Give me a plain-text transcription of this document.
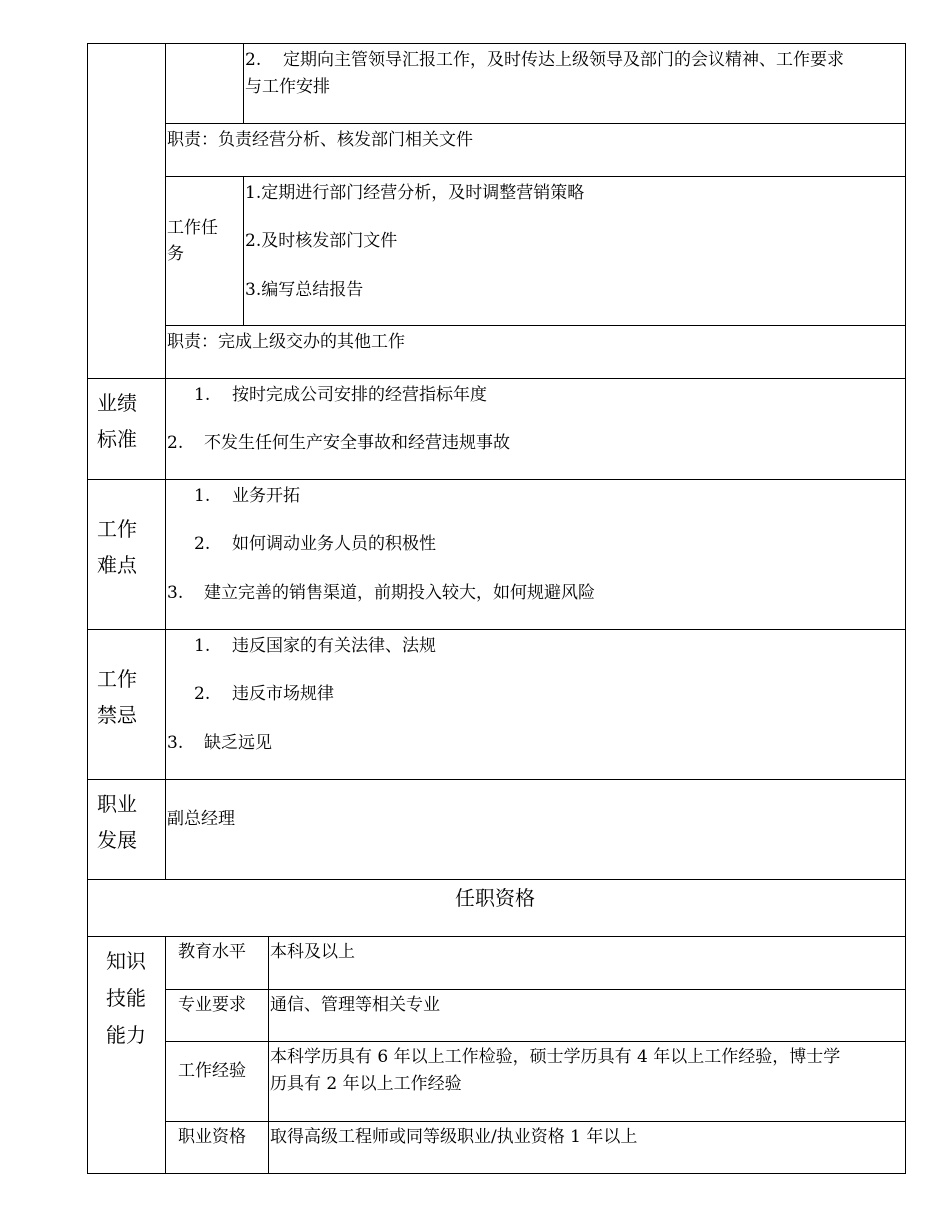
2. 定期向主管领导汇报工作，及时传达上级领导及部门的会议精神、工作要求
与工作安排
职责：负责经营分析、核发部门相关文件
工作任
务
1.定期进行部门经营分析，及时调整营销策略
2.及时核发部门文件
3.编写总结报告
职责：完成上级交办的其他工作
业绩
标准
1. 按时完成公司安排的经营指标年度
2. 不发生任何生产安全事故和经营违规事故
工作
难点
1. 业务开拓
2. 如何调动业务人员的积极性
3. 建立完善的销售渠道，前期投入较大，如何规避风险
工作
禁忌
1. 违反国家的有关法律、法规
2. 违反市场规律
3. 缺乏远见
职业
发展
副总经理
任职资格
知识
技能
能力
教育水平 本科及以上
专业要求 通信、管理等相关专业
工作经验
本科学历具有 6 年以上工作检验，硕士学历具有 4 年以上工作经验，博士学
历具有 2 年以上工作经验
职业资格 取得高级工程师或同等级职业/执业资格 1 年以上
